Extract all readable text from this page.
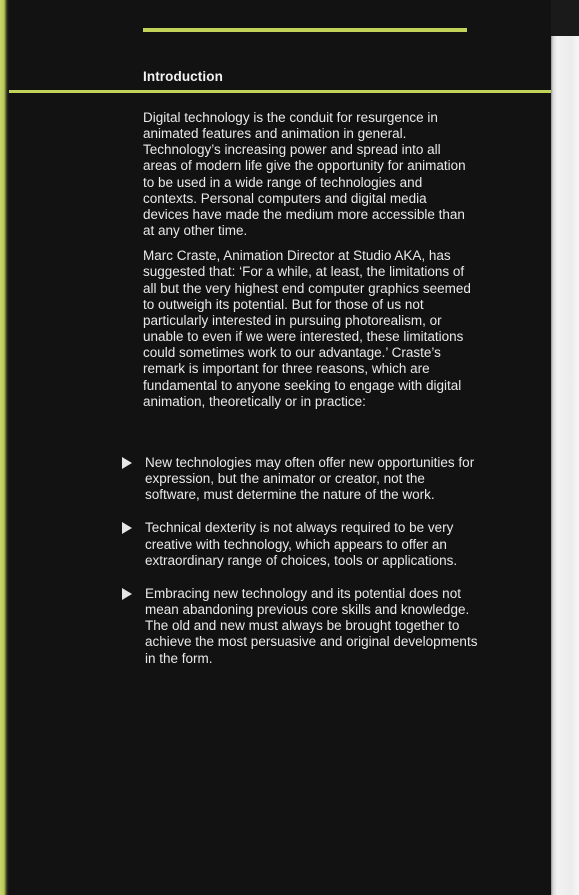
Introduction

Digital technology is the conduit for resurgence in animated features and animation in general. Technology’s increasing power and spread into all areas of modern life give the opportunity for animation to be used in a wide range of technologies and contexts. Personal computers and digital media devices have made the medium more accessible than at any other time.

Marc Craste, Animation Director at Studio AKA, has suggested that: ‘For a while, at least, the limitations of all but the very highest end computer graphics seemed to outweigh its potential. But for those of us not particularly interested in pursuing photorealism, or unable to even if we were interested, these limitations could sometimes work to our advantage.’ Craste’s remark is important for three reasons, which are fundamental to anyone seeking to engage with digital animation, theoretically or in practice:

New technologies may often offer new opportunities for expression, but the animator or creator, not the software, must determine the nature of the work.
Technical dexterity is not always required to be very creative with technology, which appears to offer an extraordinary range of choices, tools or applications.
Embracing new technology and its potential does not mean abandoning previous core skills and knowledge. The old and new must always be brought together to achieve the most persuasive and original developments in the form.
